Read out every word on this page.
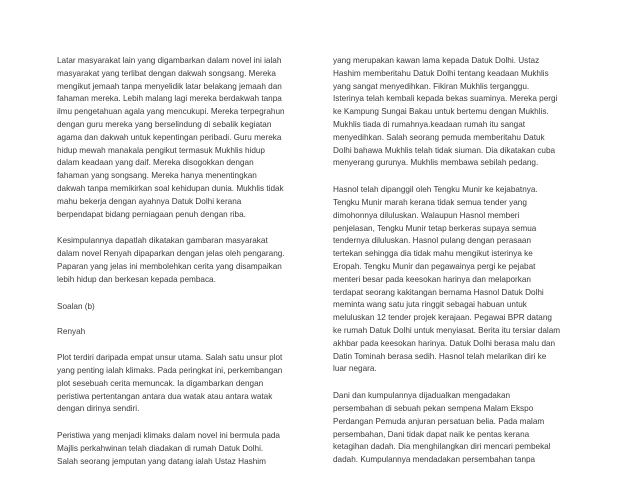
Latar masyarakat lain yang digambarkan dalam novel ini ialah
masyarakat yang terlibat dengan dakwah songsang. Mereka
mengikut jemaah tanpa menyelidik latar belakang jemaah dan
fahaman mereka. Lebih malang lagi mereka berdakwah tanpa
ilmu pengetahuan agala yang mencukupi. Mereka terpegrahun
dengan guru mereka yang berselindung di sebalik kegiatan
agama dan dakwah untuk kepentingan peribadi. Guru mereka
hidup mewah manakala pengikut termasuk Mukhlis hidup
dalam keadaan yang daif. Mereka disogokkan dengan
fahaman yang songsang. Mereka hanya menentingkan
dakwah tanpa memikirkan soal kehidupan dunia. Mukhlis tidak
mahu bekerja dengan ayahnya Datuk Dolhi kerana
berpendapat bidang perniagaan penuh dengan riba.

Kesimpulannya dapatlah dikatakan gambaran masyarakat
dalam novel Renyah dipaparkan dengan jelas oleh pengarang.
Paparan yang jelas ini membolehkan cerita yang disampaikan
lebih hidup dan berkesan kepada pembaca.

Soalan (b)

Renyah

Plot terdiri daripada empat unsur utama. Salah satu unsur plot
yang penting ialah klimaks. Pada peringkat ini, perkembangan
plot sesebuah cerita memuncak. Ia digambarkan dengan
peristiwa pertentangan antara dua watak atau antara watak
dengan dirinya sendiri.

Peristiwa yang menjadi klimaks dalam novel ini bermula pada
Majlis perkahwinan telah diadakan di rumah Datuk Dolhi.
Salah seorang jemputan yang datang ialah Ustaz Hashim

yang merupakan kawan lama kepada Datuk Dolhi. Ustaz
Hashim memberitahu Datuk Dolhi tentang keadaan Mukhlis
yang sangat menyedihkan. Fikiran Mukhlis terganggu.
Isterinya telah kembali kepada bekas suaminya. Mereka pergi
ke Kampung Sungai Bakau untuk bertemu dengan Mukhlis.
Mukhlis tiada di rumahnya.keadaan rumah itu sangat
menyedihkan. Salah seorang pemuda memberitahu Datuk
Dolhi bahawa Mukhlis telah tidak siuman. Dia dikatakan cuba
menyerang gurunya. Mukhlis membawa sebilah pedang.

Hasnol telah dipanggil oleh Tengku Munir ke kejabatnya.
Tengku Munir marah kerana tidak semua tender yang
dimohonnya diluluskan. Walaupun Hasnol memberi
penjelasan, Tengku Munir tetap berkeras supaya semua
tendernya diluluskan. Hasnol pulang dengan perasaan
tertekan sehingga dia tidak mahu mengikut isterinya ke
Eropah. Tengku Munir dan pegawainya pergi ke pejabat
menteri besar pada keesokan harinya dan melaporkan
terdapat seorang kakitangan bernama Hasnol Datuk Dolhi
meminta wang satu juta ringgit sebagai habuan untuk
meluluskan 12 tender projek kerajaan. Pegawai BPR datang
ke rumah Datuk Dolhi untuk menyiasat. Berita itu tersiar dalam
akhbar pada keesokan harinya. Datuk Dolhi berasa malu dan
Datin Tominah berasa sedih. Hasnol telah melarikan diri ke
luar negara.

Dani dan kumpulannya dijadualkan mengadakan
persembahan di sebuah pekan sempena Malam Ekspo
Perdangan Pemuda anjuran persatuan belia. Pada malam
persembahan, Dani tidak dapat naik ke pentas kerana
ketagihan dadah. Dia menghilangkan diri mencari pembekal
dadah. Kumpulannya mendadakan persembahan tanpa
